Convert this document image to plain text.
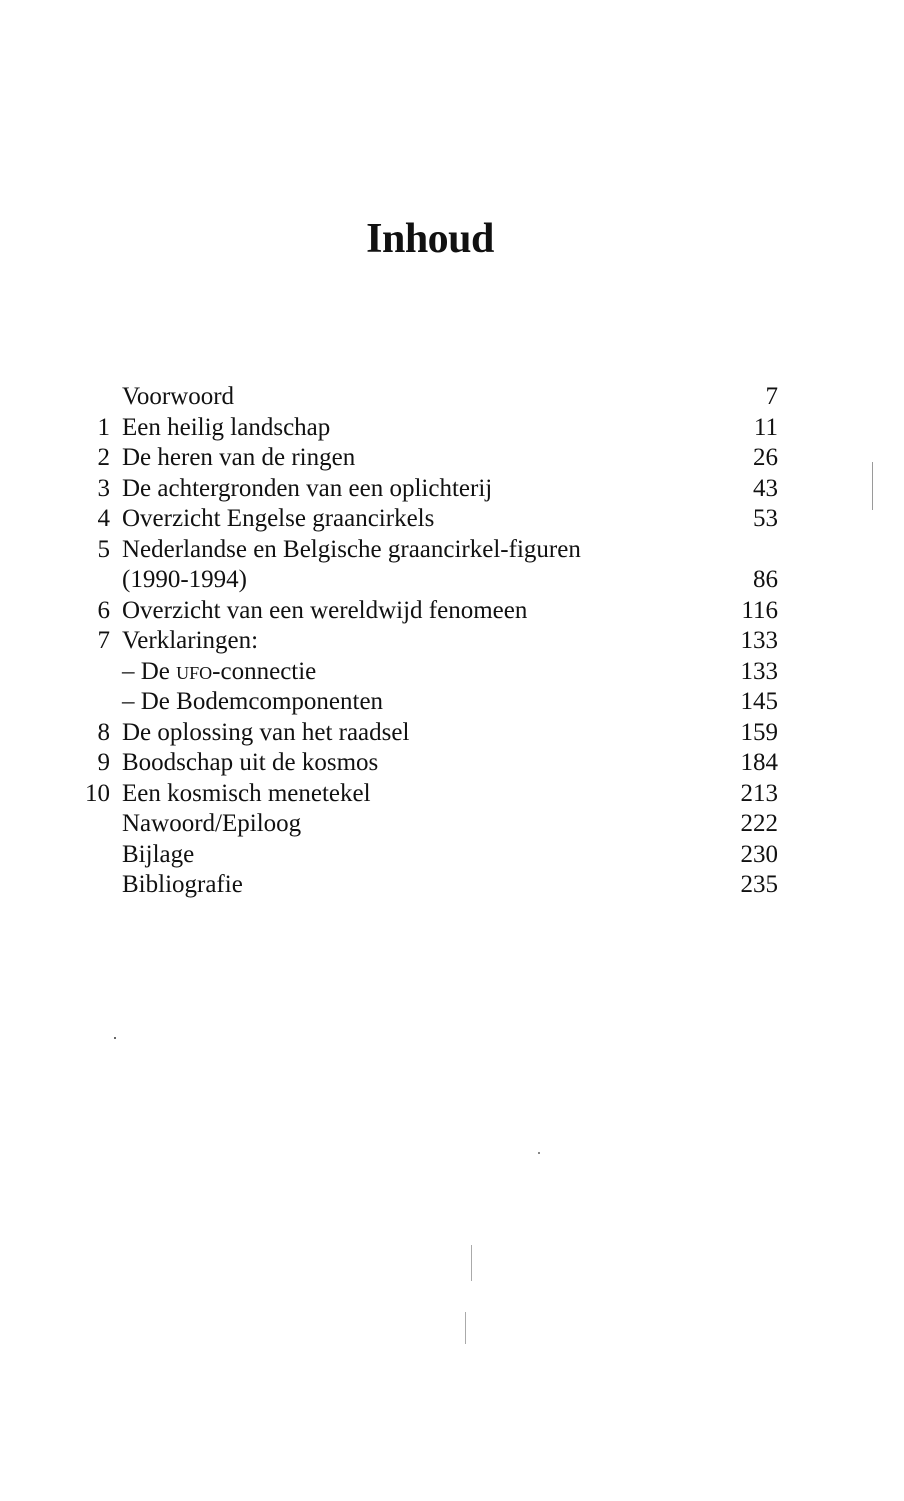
Inhoud
Voorwoord	7
1 Een heilig landschap	11
2 De heren van de ringen	26
3 De achtergronden van een oplichterij	43
4 Overzicht Engelse graancirkels	53
5 Nederlandse en Belgische graancirkel-figuren
(1990-1994)	86
6 Overzicht van een wereldwijd fenomeen	116
7 Verklaringen:	133
– De ufo-connectie	133
– De Bodemcomponenten	145
8 De oplossing van het raadsel	159
9 Boodschap uit de kosmos	184
10 Een kosmisch menetekel	213
Nawoord/Epiloog	222
Bijlage	230
Bibliografie	235
